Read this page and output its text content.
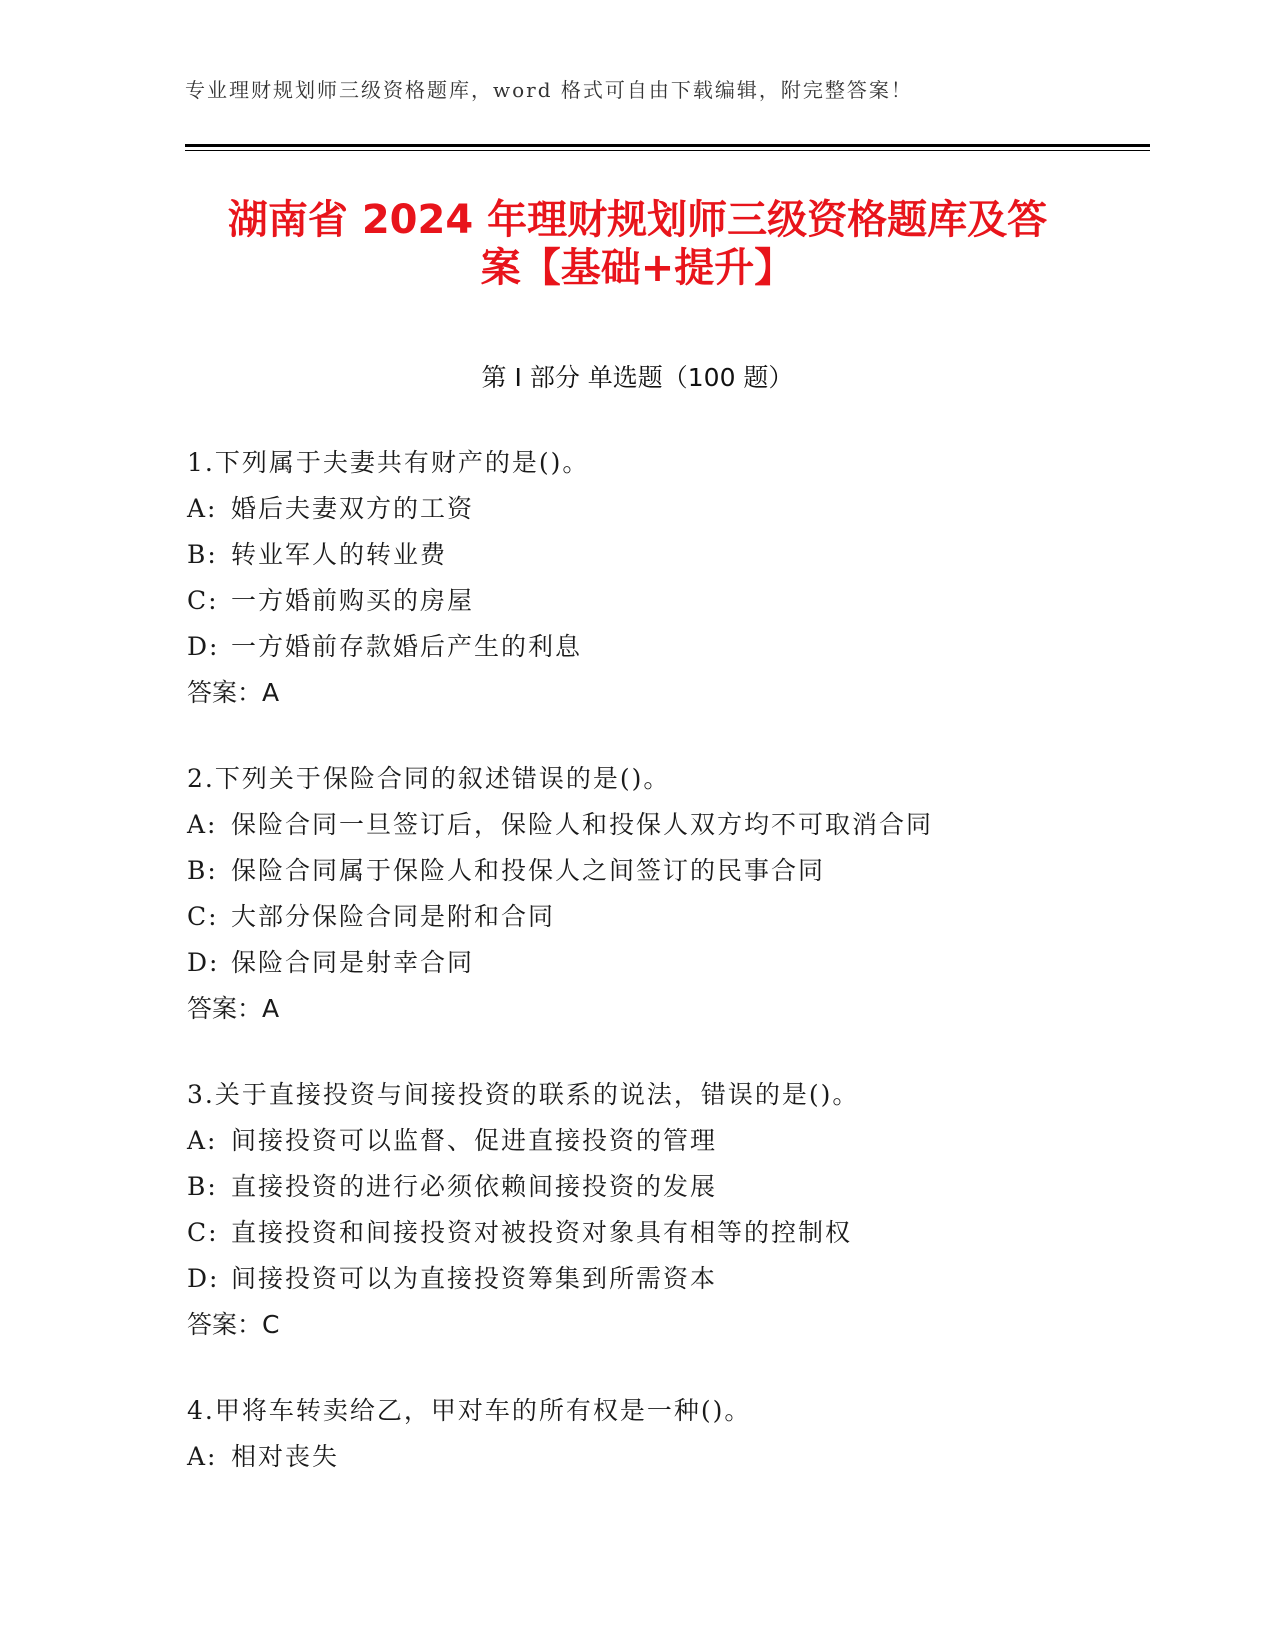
专业理财规划师三级资格题库，word 格式可自由下载编辑，附完整答案！
湖南省 2024 年理财规划师三级资格题库及答
案【基础+提升】
第 I 部分 单选题（100 题）
1.下列属于夫妻共有财产的是()。
A: 婚后夫妻双方的工资
B: 转业军人的转业费
C: 一方婚前购买的房屋
D: 一方婚前存款婚后产生的利息
答案：A
2.下列关于保险合同的叙述错误的是()。
A: 保险合同一旦签订后，保险人和投保人双方均不可取消合同
B: 保险合同属于保险人和投保人之间签订的民事合同
C: 大部分保险合同是附和合同
D: 保险合同是射幸合同
答案：A
3.关于直接投资与间接投资的联系的说法，错误的是()。
A: 间接投资可以监督、促进直接投资的管理
B: 直接投资的进行必须依赖间接投资的发展
C: 直接投资和间接投资对被投资对象具有相等的控制权
D: 间接投资可以为直接投资筹集到所需资本
答案：C
4.甲将车转卖给乙，甲对车的所有权是一种()。
A: 相对丧失
